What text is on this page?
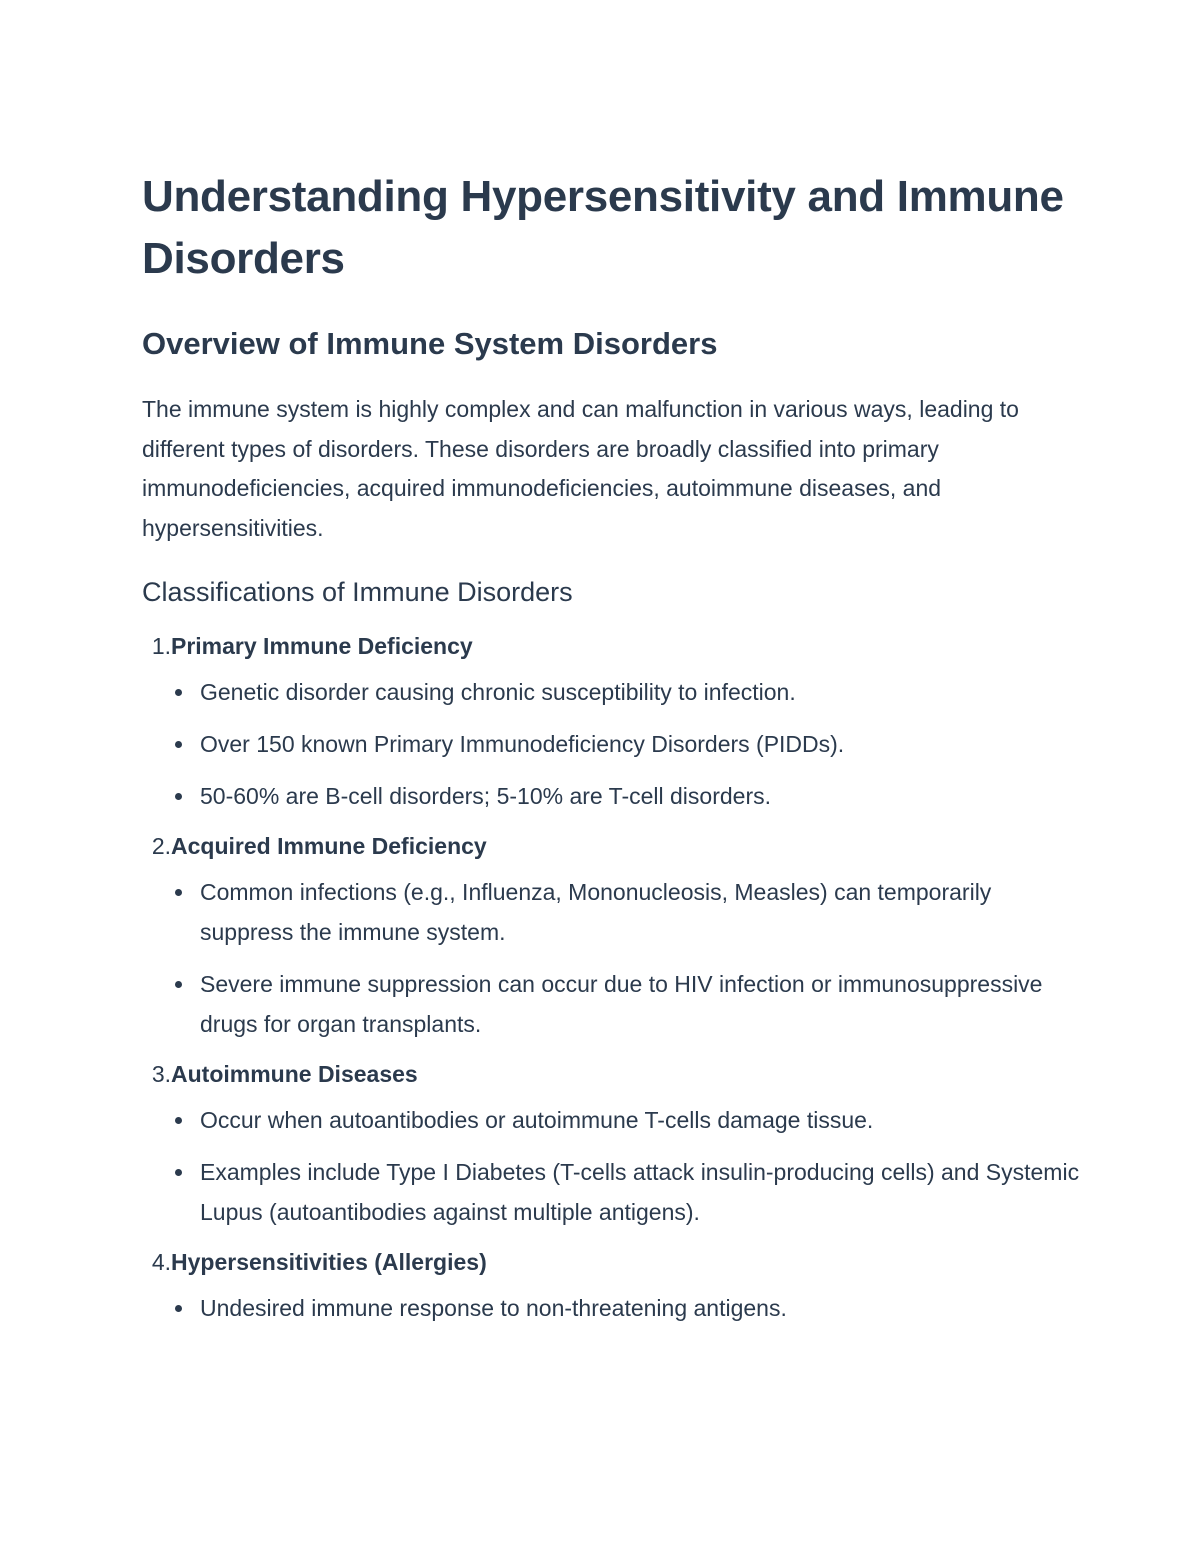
Understanding Hypersensitivity and Immune Disorders
Overview of Immune System Disorders

The immune system is highly complex and can malfunction in various ways, leading to different types of disorders. These disorders are broadly classified into primary immunodeficiencies, acquired immunodeficiencies, autoimmune diseases, and hypersensitivities.

Classifications of Immune Disorders
1. Primary Immune Deficiency
Genetic disorder causing chronic susceptibility to infection.
Over 150 known Primary Immunodeficiency Disorders (PIDDs).
50-60% are B-cell disorders; 5-10% are T-cell disorders.
2. Acquired Immune Deficiency
Common infections (e.g., Influenza, Mononucleosis, Measles) can temporarily suppress the immune system.
Severe immune suppression can occur due to HIV infection or immunosuppressive drugs for organ transplants.
3. Autoimmune Diseases
Occur when autoantibodies or autoimmune T-cells damage tissue.
Examples include Type I Diabetes (T-cells attack insulin-producing cells) and Systemic Lupus (autoantibodies against multiple antigens).
4. Hypersensitivities (Allergies)
Undesired immune response to non-threatening antigens.
